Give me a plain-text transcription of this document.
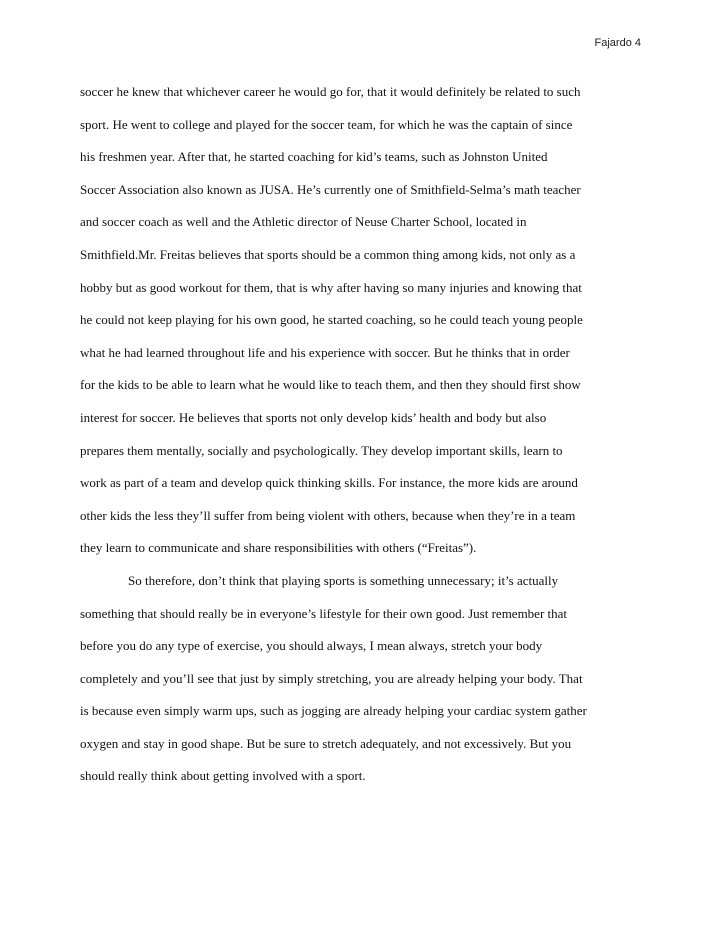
Fajardo 4
soccer he knew that whichever career he would go for, that it would definitely be related to such
sport. He went to college and played for the soccer team, for which he was the captain of since
his freshmen year. After that, he started coaching for kid’s teams, such as Johnston United
Soccer Association also known as JUSA. He’s currently one of Smithfield-Selma’s math teacher
and soccer coach as well and the Athletic director of Neuse Charter School, located in
Smithfield.Mr. Freitas believes that sports should be a common thing among kids, not only as a
hobby but as good workout for them, that is why after having so many injuries and knowing that
he could not keep playing for his own good, he started coaching, so he could teach young people
what he had learned throughout life and his experience with soccer. But he thinks that in order
for the kids to be able to learn what he would like to teach them, and then they should first show
interest for soccer. He believes that sports not only develop kids’ health and body but also
prepares them mentally, socially and psychologically. They develop important skills, learn to
work as part of a team and develop quick thinking skills. For instance, the more kids are around
other kids the less they’ll suffer from being violent with others, because when they’re in a team
they learn to communicate and share responsibilities with others (“Freitas”).
So therefore, don’t think that playing sports is something unnecessary; it’s actually
something that should really be in everyone’s lifestyle for their own good. Just remember that
before you do any type of exercise, you should always, I mean always, stretch your body
completely and you’ll see that just by simply stretching, you are already helping your body. That
is because even simply warm ups, such as jogging are already helping your cardiac system gather
oxygen and stay in good shape. But be sure to stretch adequately, and not excessively. But you
should really think about getting involved with a sport.
